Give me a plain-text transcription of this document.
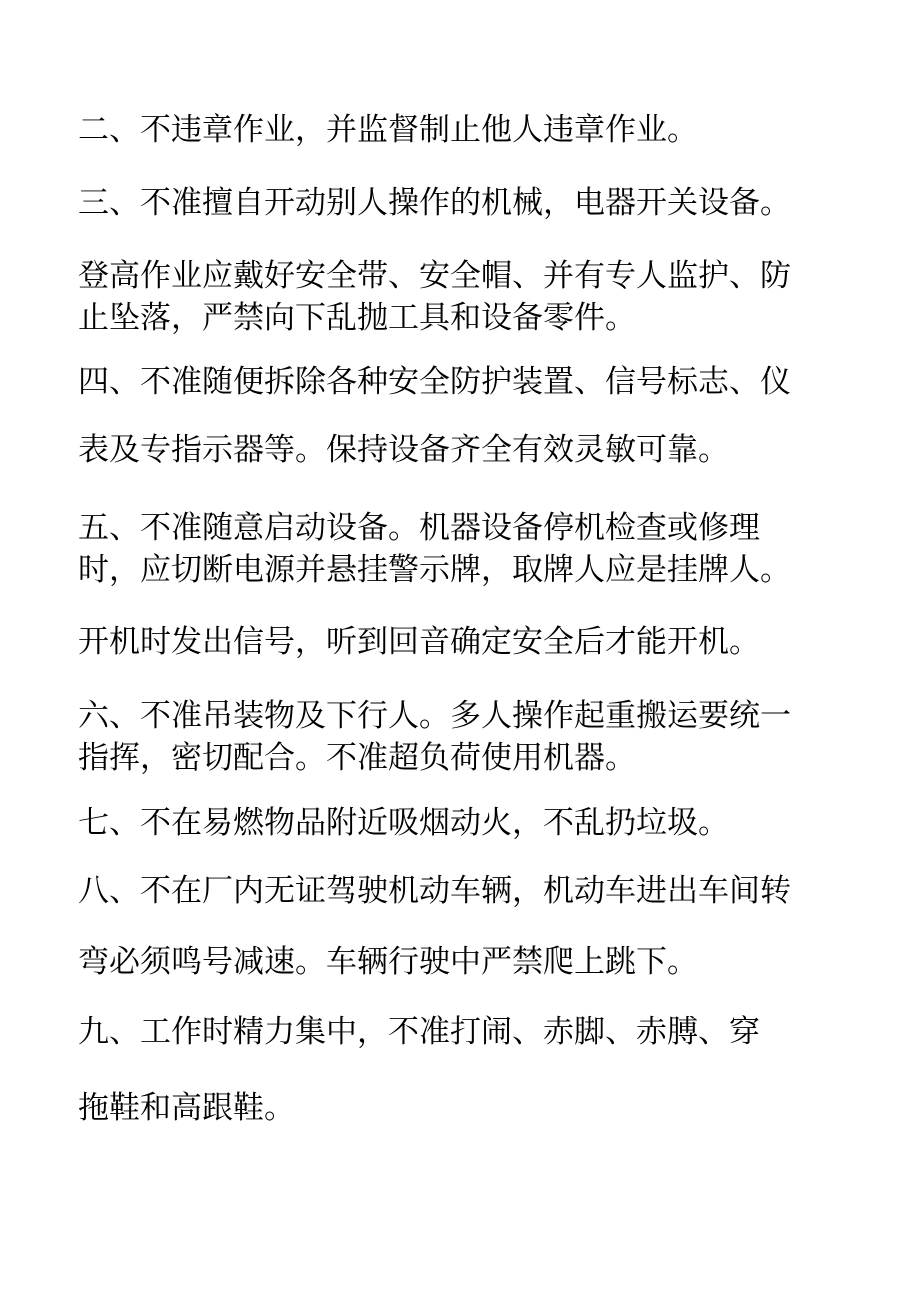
二、不违章作业，并监督制止他人违章作业。
三、不准擅自开动别人操作的机械，电器开关设备。
登高作业应戴好安全带、安全帽、并有专人监护、防
止坠落，严禁向下乱抛工具和设备零件。
四、不准随便拆除各种安全防护装置、信号标志、仪
表及专指示器等。保持设备齐全有效灵敏可靠。
五、不准随意启动设备。机器设备停机检查或修理
时，应切断电源并悬挂警示牌，取牌人应是挂牌人。
开机时发出信号，听到回音确定安全后才能开机。
六、不准吊装物及下行人。多人操作起重搬运要统一
指挥，密切配合。不准超负荷使用机器。
七、不在易燃物品附近吸烟动火，不乱扔垃圾。
八、不在厂内无证驾驶机动车辆，机动车进出车间转
弯必须鸣号减速。车辆行驶中严禁爬上跳下。
九、工作时精力集中，不准打闹、赤脚、赤膊、穿
拖鞋和高跟鞋。
